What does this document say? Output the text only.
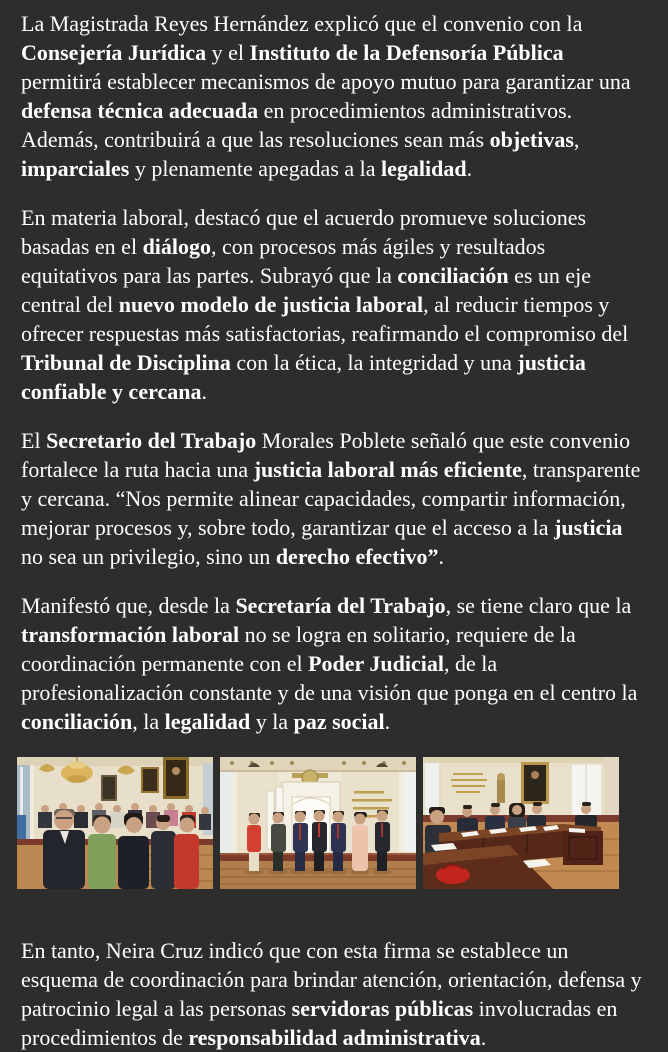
La Magistrada Reyes Hernández explicó que el convenio con la Consejería Jurídica y el Instituto de la Defensoría Pública permitirá establecer mecanismos de apoyo mutuo para garantizar una defensa técnica adecuada en procedimientos administrativos. Además, contribuirá a que las resoluciones sean más objetivas, imparciales y plenamente apegadas a la legalidad.

En materia laboral, destacó que el acuerdo promueve soluciones basadas en el diálogo, con procesos más ágiles y resultados equitativos para las partes. Subrayó que la conciliación es un eje central del nuevo modelo de justicia laboral, al reducir tiempos y ofrecer respuestas más satisfactorias, reafirmando el compromiso del Tribunal de Disciplina con la ética, la integridad y una justicia confiable y cercana.

El Secretario del Trabajo Morales Poblete señaló que este convenio fortalece la ruta hacia una justicia laboral más eficiente, transparente y cercana. “Nos permite alinear capacidades, compartir información, mejorar procesos y, sobre todo, garantizar que el acceso a la justicia no sea un privilegio, sino un derecho efectivo”.

Manifestó que, desde la Secretaría del Trabajo, se tiene claro que la transformación laboral no se logra en solitario, requiere de la coordinación permanente con el Poder Judicial, de la profesionalización constante y de una visión que ponga en el centro la conciliación, la legalidad y la paz social.

En tanto, Neira Cruz indicó que con esta firma se establece un esquema de coordinación para brindar atención, orientación, defensa y patrocinio legal a las personas servidoras públicas involucradas en procedimientos de responsabilidad administrativa.
